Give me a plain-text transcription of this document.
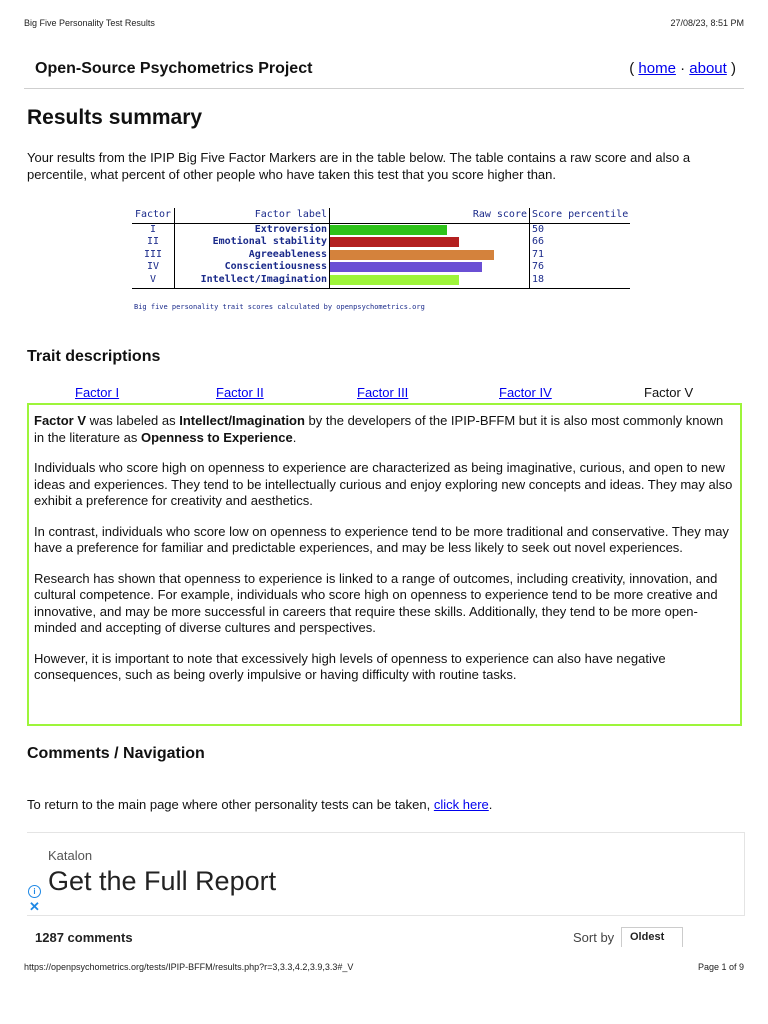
Big Five Personality Test Results	27/08/23, 8:51 PM
Open-Source Psychometrics Project	( home · about )
Results summary

Your results from the IPIP Big Five Factor Markers are in the table below. The table contains a raw score and also a percentile, what percent of other people who have taken this test that you score higher than.

Factor	Factor label	Raw score	Score percentile
I	Extroversion		50
II	Emotional stability		66
III	Agreeableness		71
IV	Conscientiousness		76
V	Intellect/Imagination		18
Big five personality trait scores calculated by openpsychometrics.org
Trait descriptions
Factor I	Factor II	Factor III	Factor IV	Factor V

Factor V was labeled as Intellect/Imagination by the developers of the IPIP-BFFM but it is also most commonly known in the literature as Openness to Experience.

Individuals who score high on openness to experience are characterized as being imaginative, curious, and open to new ideas and experiences. They tend to be intellectually curious and enjoy exploring new concepts and ideas. They may also exhibit a preference for creativity and aesthetics.

In contrast, individuals who score low on openness to experience tend to be more traditional and conservative. They may have a preference for familiar and predictable experiences, and may be less likely to seek out novel experiences.

Research has shown that openness to experience is linked to a range of outcomes, including creativity, innovation, and cultural competence. For example, individuals who score high on openness to experience tend to be more creative and innovative, and may be more successful in careers that require these skills. Additionally, they tend to be more open-minded and accepting of diverse cultures and perspectives.

However, it is important to note that excessively high levels of openness to experience can also have negative consequences, such as being overly impulsive or having difficulty with routine tasks.

Comments / Navigation
To return to the main page where other personality tests can be taken, click here.
Katalon
Get the Full Report
i
✕
1287 comments	Sort by	Oldest
https://openpsychometrics.org/tests/IPIP-BFFM/results.php?r=3,3.3,4.2,3.9,3.3#_V	Page 1 of 9
